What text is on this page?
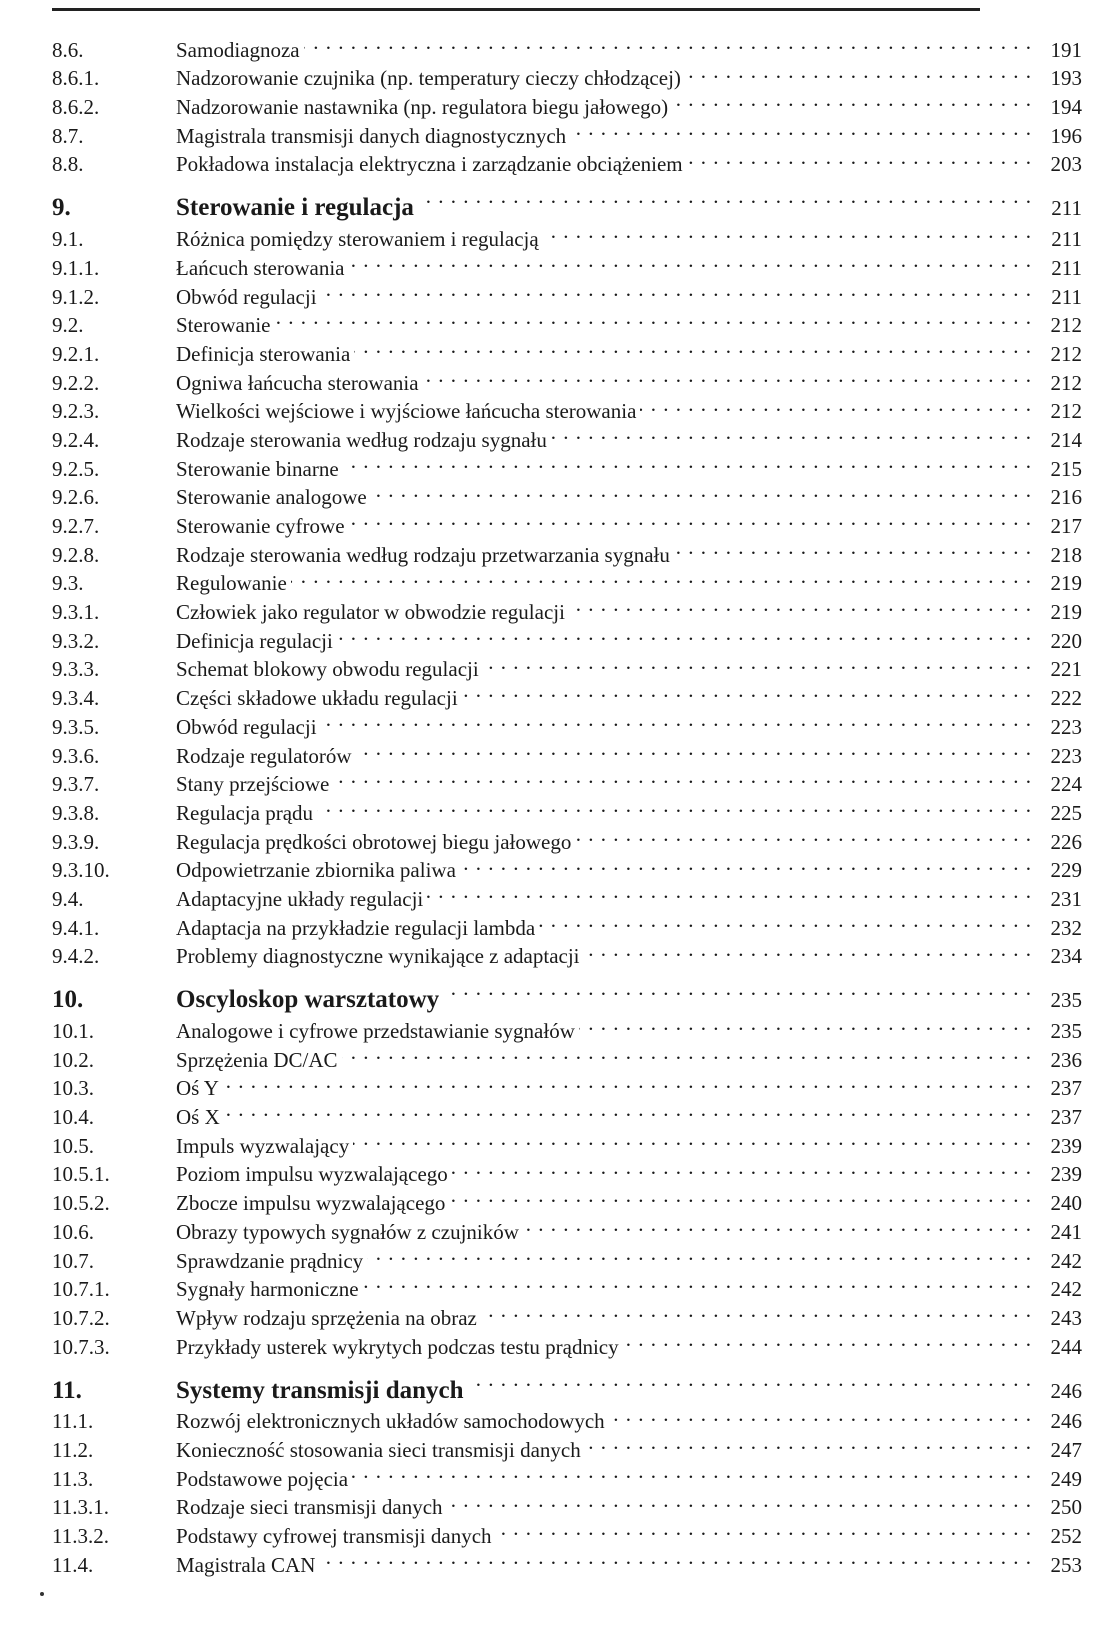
8.6.	Samodiagnoza . . .	191
8.6.1.	Nadzorowanie czujnika (np. temperatury cieczy chłodzącej) . . .	193
8.6.2.	Nadzorowanie nastawnika (np. regulatora biegu jałowego) . . .	194
8.7.	Magistrala transmisji danych diagnostycznych . . .	196
8.8.	Pokładowa instalacja elektryczna i zarządzanie obciążeniem . . .	203
9.	Sterowanie i regulacja . . .	211
9.1.	Różnica pomiędzy sterowaniem i regulacją . . .	211
9.1.1.	Łańcuch sterowania . . .	211
9.1.2.	Obwód regulacji . . .	211
9.2.	Sterowanie . . .	212
9.2.1.	Definicja sterowania . . .	212
9.2.2.	Ogniwa łańcucha sterowania . . .	212
9.2.3.	Wielkości wejściowe i wyjściowe łańcucha sterowania . . .	212
9.2.4.	Rodzaje sterowania według rodzaju sygnału . . .	214
9.2.5.	Sterowanie binarne . . .	215
9.2.6.	Sterowanie analogowe . . .	216
9.2.7.	Sterowanie cyfrowe . . .	217
9.2.8.	Rodzaje sterowania według rodzaju przetwarzania sygnału . . .	218
9.3.	Regulowanie . . .	219
9.3.1.	Człowiek jako regulator w obwodzie regulacji . . .	219
9.3.2.	Definicja regulacji . . .	220
9.3.3.	Schemat blokowy obwodu regulacji . . .	221
9.3.4.	Części składowe układu regulacji . . .	222
9.3.5.	Obwód regulacji . . .	223
9.3.6.	Rodzaje regulatorów . . .	223
9.3.7.	Stany przejściowe . . .	224
9.3.8.	Regulacja prądu . . .	225
9.3.9.	Regulacja prędkości obrotowej biegu jałowego . . .	226
9.3.10.	Odpowietrzanie zbiornika paliwa . . .	229
9.4.	Adaptacyjne układy regulacji . . .	231
9.4.1.	Adaptacja na przykładzie regulacji lambda . . .	232
9.4.2.	Problemy diagnostyczne wynikające z adaptacji . . .	234
10.	Oscyloskop warsztatowy . . .	235
10.1.	Analogowe i cyfrowe przedstawianie sygnałów . . .	235
10.2.	Sprzężenia DC/AC . . .	236
10.3.	Oś Y . . .	237
10.4.	Oś X . . .	237
10.5.	Impuls wyzwalający . . .	239
10.5.1.	Poziom impulsu wyzwalającego . . .	239
10.5.2.	Zbocze impulsu wyzwalającego . . .	240
10.6.	Obrazy typowych sygnałów z czujników . . .	241
10.7.	Sprawdzanie prądnicy . . .	242
10.7.1.	Sygnały harmoniczne . . .	242
10.7.2.	Wpływ rodzaju sprzężenia na obraz . . .	243
10.7.3.	Przykłady usterek wykrytych podczas testu prądnicy . . .	244
11.	Systemy transmisji danych . . .	246
11.1.	Rozwój elektronicznych układów samochodowych . . .	246
11.2.	Konieczność stosowania sieci transmisji danych . . .	247
11.3.	Podstawowe pojęcia . . .	249
11.3.1.	Rodzaje sieci transmisji danych . . .	250
11.3.2.	Podstawy cyfrowej transmisji danych . . .	252
11.4.	Magistrala CAN . . .	253
